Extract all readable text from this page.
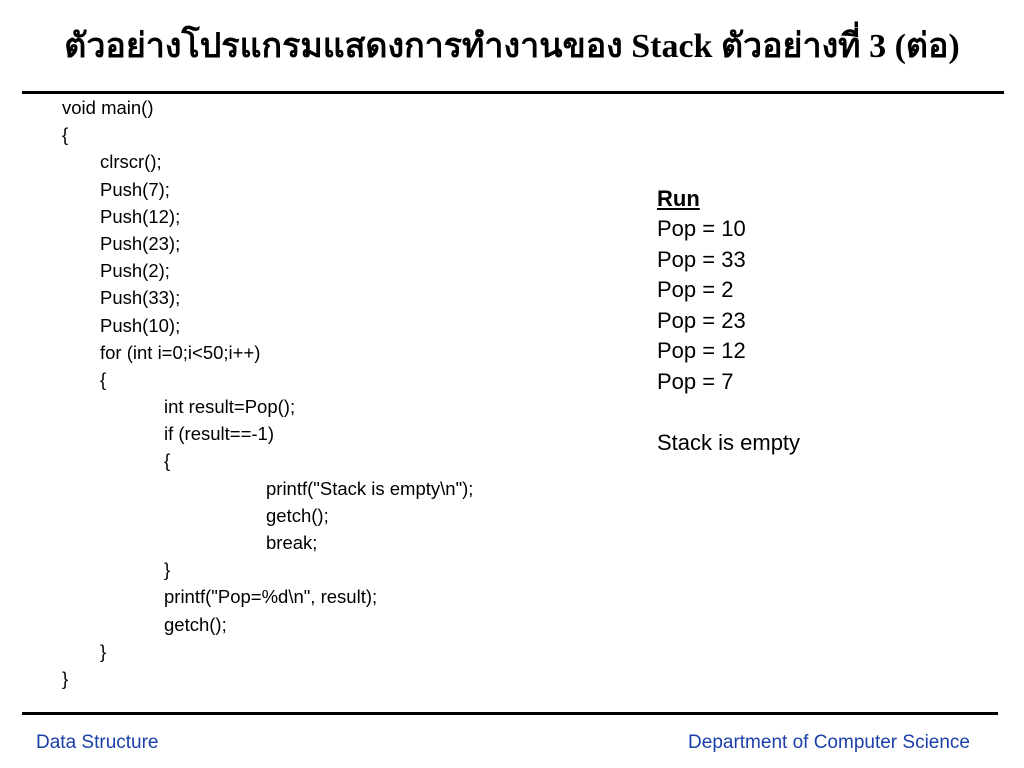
ตัวอย่างโปรแกรมแสดงการทำงานของ Stack ตัวอย่างที่ 3 (ต่อ)
void main()
{
clrscr();
Push(7);
Push(12);
Push(23);
Push(2);
Push(33);
Push(10);
for (int i=0;i<50;i++)
{
int result=Pop();
if (result==-1)
{
printf("Stack is empty\n");
getch();
break;
}
printf("Pop=%d\n", result);
getch();
}
}
Run
Pop = 10
Pop = 33
Pop = 2
Pop = 23
Pop = 12
Pop = 7
Stack is empty
Data Structure	Department of Computer Science
